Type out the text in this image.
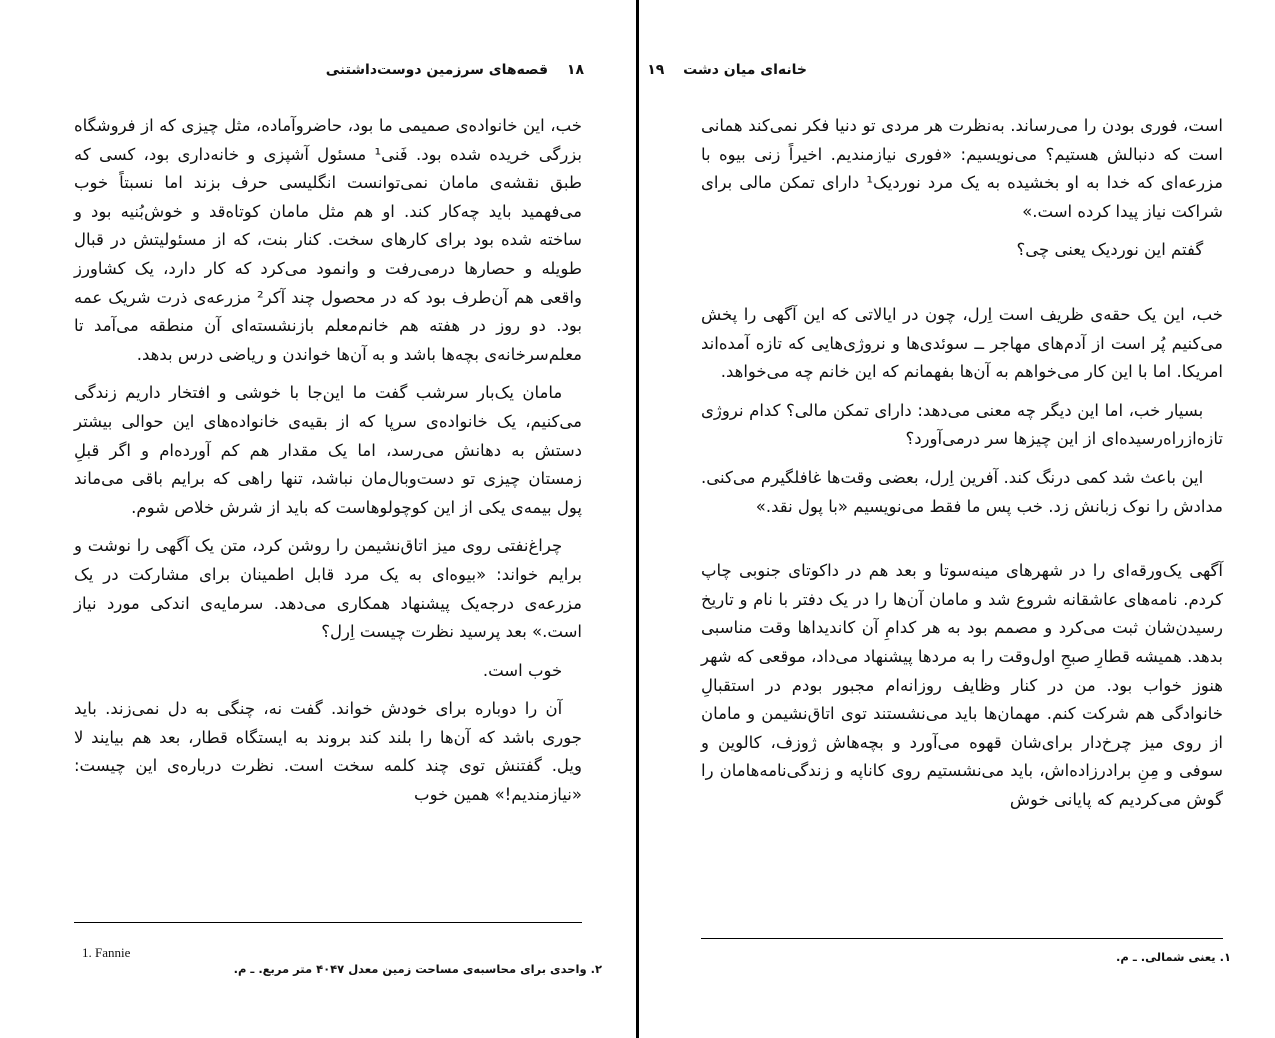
۱۸ قصه‌های سرزمین دوست‌داشتنی

خب، این خانواده‌ی صمیمی ما بود، حاضروآماده، مثل چیزی که از فروشگاه بزرگی خریده شده بود. فَنی¹ مسئول آشپزی و خانه‌داری بود، کسی که طبق نقشه‌ی مامان نمی‌توانست انگلیسی حرف بزند اما نسبتاً خوب می‌فهمید باید چه‌کار کند. او هم مثل مامان کوتاه‌قد و خوش‌بُنیه بود و ساخته شده بود برای کارهای سخت. کنار بنت، که از مسئولیتش در قبال طویله و حصارها درمی‌رفت و وانمود می‌کرد که کار دارد، یک کشاورز واقعی هم آن‌طرف بود که در محصول چند آکر² مزرعه‌ی ذرت شریک عمه بود. دو روز در هفته هم خانم‌معلم بازنشسته‌ای آن منطقه می‌آمد تا معلم‌سرخانه‌ی بچه‌ها باشد و به آن‌ها خواندن و ریاضی درس بدهد.

مامان یک‌بار سرشب گفت ما این‌جا با خوشی و افتخار داریم زندگی می‌کنیم، یک خانواده‌ی سرپا که از بقیه‌ی خانواده‌های این حوالی بیشتر دستش به دهانش می‌رسد، اما یک مقدار هم کم آورده‌ام و اگر قبلِ زمستان چیزی تو دست‌وبال‌مان نباشد، تنها راهی که برایم باقی می‌ماند پول بیمه‌ی یکی از این کوچولوهاست که باید از شرش خلاص شوم.

چراغ‌نفتی روی میز اتاق‌نشیمن را روشن کرد، متن یک آگهی را نوشت و برایم خواند: «بیوه‌ای به یک مرد قابل اطمینان برای مشارکت در یک مزرعه‌ی درجه‌یک پیشنهاد همکاری می‌دهد. سرمایه‌ی اندکی مورد نیاز است.» بعد پرسید نظرت چیست اِرل؟

خوب است.

آن را دوباره برای خودش خواند. گفت نه، چنگی به دل نمی‌زند. باید جوری باشد که آن‌ها را بلند کند بروند به ایستگاه قطار، بعد هم بیایند لا ویل. گفتنش توی چند کلمه سخت است. نظرت درباره‌ی این چیست: «نیازمندیم!» همین خوب

1. Fannie
۲. واحدی برای محاسبه‌ی مساحت زمین معدل ۴۰۴۷ متر مربع. ـ م.
خانه‌ای میان دشت ۱۹

است، فوری بودن را می‌رساند. به‌نظرت هر مردی تو دنیا فکر نمی‌کند همانی است که دنبالش هستیم؟ می‌نویسیم: «فوری نیازمندیم. اخیراً زنی بیوه با مزرعه‌ای که خدا به او بخشیده به یک مرد نوردیک¹ دارای تمکن مالی برای شراکت نیاز پیدا کرده است.»

گفتم این نوردیک یعنی چی؟

خب، این یک حقه‌ی ظریف است اِرل، چون در ایالاتی که این آگهی را پخش می‌کنیم پُر است از آدم‌های مهاجر ــ سوئدی‌ها و نروژی‌هایی که تازه آمده‌اند امریکا. اما با این کار می‌خواهم به آن‌ها بفهمانم که این خانم چه می‌خواهد.

بسیار خب، اما این دیگر چه معنی می‌دهد: دارای تمکن مالی؟ کدام نروژی تازه‌ازراه‌رسیده‌ای از این چیزها سر درمی‌آورد؟

این باعث شد کمی درنگ کند. آفرین اِرل، بعضی وقت‌ها غافلگیرم می‌کنی. مدادش را نوک زبانش زد. خب پس ما فقط می‌نویسیم «با پول نقد.»

آگهی یک‌ورقه‌ای را در شهرهای مینه‌سوتا و بعد هم در داکوتای جنوبی چاپ کردم. نامه‌های عاشقانه شروع شد و مامان آن‌ها را در یک دفتر با نام و تاریخ رسیدن‌شان ثبت می‌کرد و مصمم بود به هر کدامِ آن کاندیداها وقت مناسبی بدهد. همیشه قطارِ صبحِ اول‌وقت را به مردها پیشنهاد می‌داد، موقعی که شهر هنوز خواب بود. من در کنار وظایف روزانه‌ام مجبور بودم در استقبالِ خانوادگی هم شرکت کنم. مهمان‌ها باید می‌نشستند توی اتاق‌نشیمن و مامان از روی میز چرخ‌دار برای‌شان قهوه می‌آورد و بچه‌هاش ژوزف، کالوین و سوفی و مِنِ برادرزاده‌اش، باید می‌نشستیم روی کاناپه و زندگی‌نامه‌هامان را گوش می‌کردیم که پایانی خوش

۱. یعنی شمالی. ـ م.
